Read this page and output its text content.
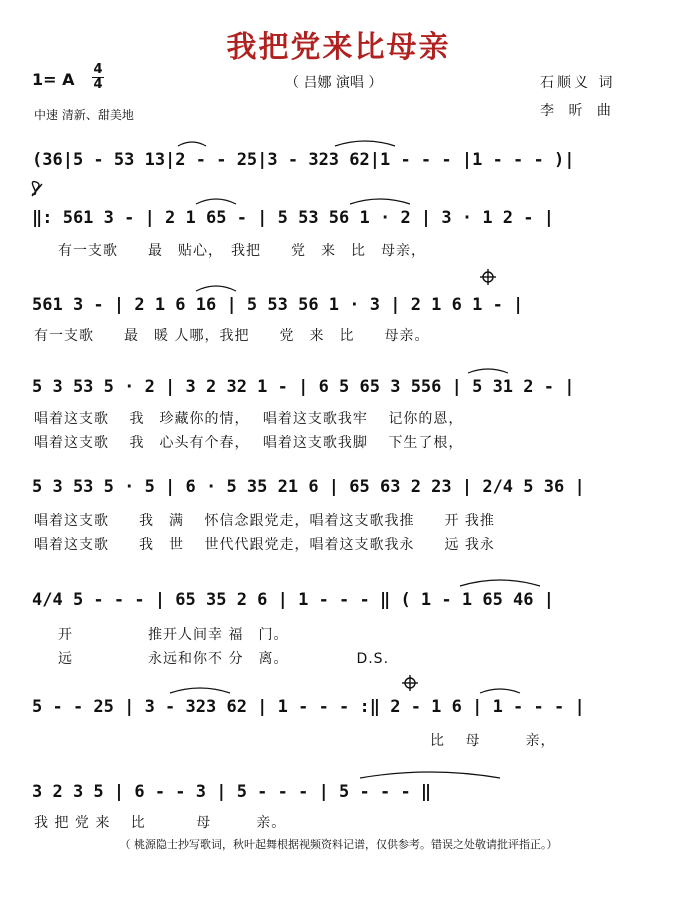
我把党来比母亲
1= A
4
4
中速 清新、甜美地
（ 吕娜 演唱 ）	石顺义 词
李 昕 曲
(36|5 - 53 13|2 - - 25|3 - 323 62|1 - - - |1 - - - )|
‖: 561 3 - | 2 1 65 - | 5 53 56 1 · 2 | 3 · 1 2 - |
有一支歌　　最　贴心，　我把　　党　来　比　母亲，
561 3 - | 2 1 6 16 | 5 53 56 1 · 3 | 2 1 6 1 - |
有一支歌　　最　暖 人哪，我把　　党　来　比　　母亲。
5 3 53 5 · 2 | 3 2 32 1 - | 6 5 65 3 556 | 5 31 2 - |
唱着这支歌　 我　珍藏你的情，　 唱着这支歌我牢　 记你的恩，
唱着这支歌　 我　心头有个春，　 唱着这支歌我脚　 下生了根，
5 3 53 5 · 5 | 6 · 5 35 21 6 | 65 63 2 23 | 2/4 5 36 |
唱着这支歌　　我　满　 怀信念跟党走，唱着这支歌我推　　开 我推
唱着这支歌　　我　世　 世代代跟党走，唱着这支歌我永　　远 我永
4/4 5 - - - | 65 35 2 6 | 1 - - - ‖ ( 1 - 1 65 46 |
开　　　　　推开人间幸 福　门。
远　　　　　永远和你不 分　离。　　　　　D.S.
5 - - 25 | 3 - 323 62 | 1 - - - :‖ 2 - 1 6 | 1 - - - |
比　 母　　　亲，
3 2 3 5 | 6 - - 3 | 5 - - - | 5 - - - ‖
我 把 党 来　 比　　　 母　　　亲。
（ 桃源隐士抄写歌词，秋叶起舞根据视频资料记谱，仅供参考。错误之处敬请批评指正。）
